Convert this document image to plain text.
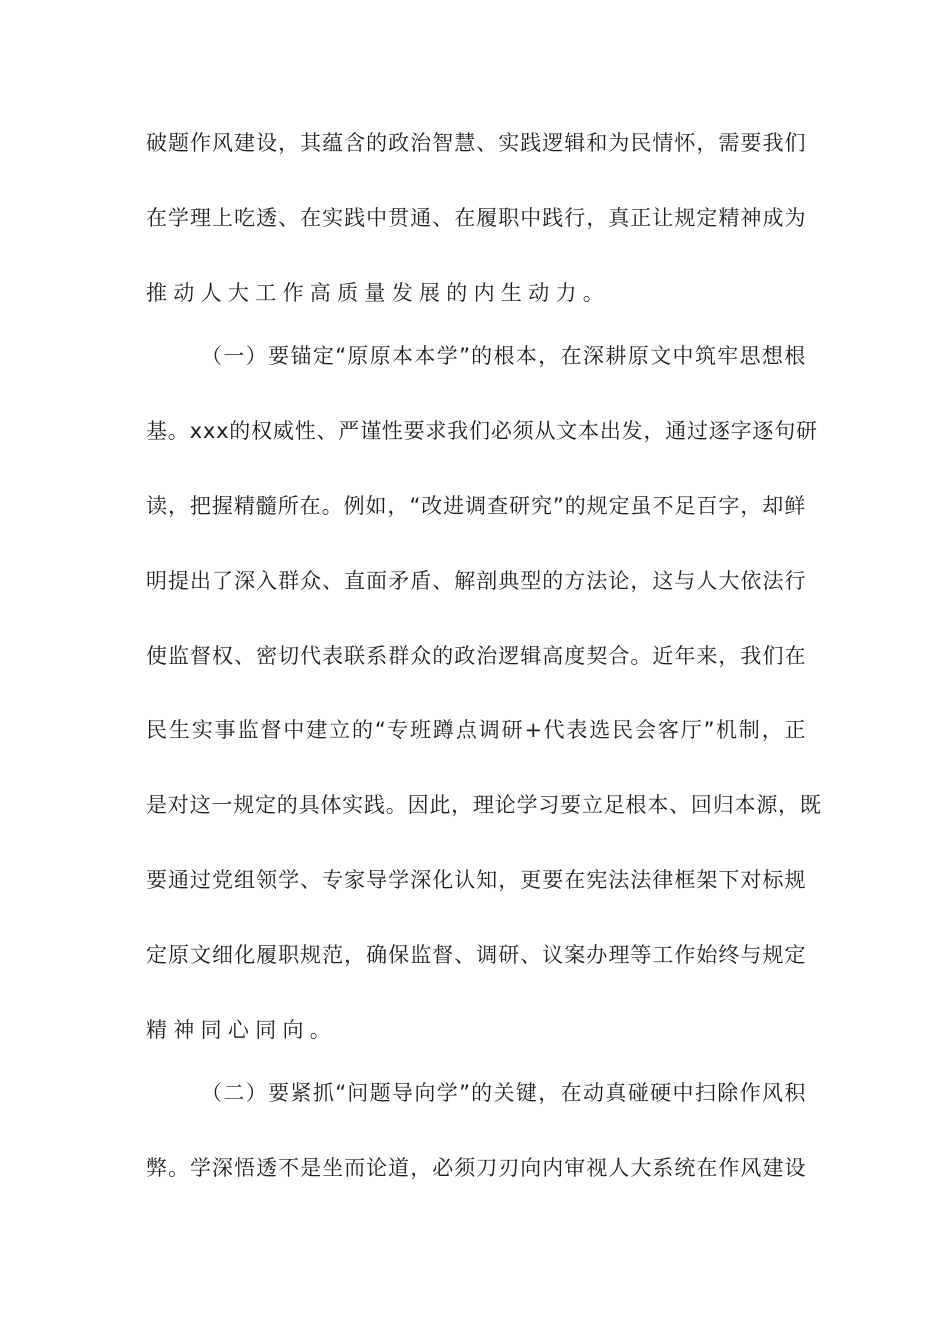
破 题 作 风 建 设 ， 其 蕴 含 的 政 治 智 慧 、 实 践 逻 辑 和 为 民 情 怀 ， 需 要 我 们
在 学 理 上 吃 透 、 在 实 践 中 贯 通 、 在 履 职 中 践 行 ， 真 正 让 规 定 精 神 成 为
推动人大工作高质量发展的内生动力。

（ 一 ） 要 锚 定 “ 原 原 本 本 学 ” 的 根 本 ， 在 深 耕 原 文 中 筑 牢 思 想 根
基 。 x x x 的 权 威 性 、 严 谨 性 要 求 我 们 必 须 从 文 本 出 发 ， 通 过 逐 字 逐 句 研
读 ， 把 握 精 髓 所 在 。 例 如 ， “ 改 进 调 查 研 究 ” 的 规 定 虽 不 足 百 字 ， 却 鲜
明 提 出 了 深 入 群 众 、 直 面 矛 盾 、 解 剖 典 型 的 方 法 论 ， 这 与 人 大 依 法 行
使 监 督 权 、 密 切 代 表 联 系 群 众 的 政 治 逻 辑 高 度 契 合 。 近 年 来 ， 我 们 在
民 生 实 事 监 督 中 建 立 的 “ 专 班 蹲 点 调 研 + 代 表 选 民 会 客 厅 ” 机 制 ， 正
是 对 这 一 规 定 的 具 体 实 践 。 因 此 ， 理 论 学 习 要 立 足 根 本 、 回 归 本 源 ， 既
要 通 过 党 组 领 学 、 专 家 导 学 深 化 认 知 ， 更 要 在 宪 法 法 律 框 架 下 对 标 规
定 原 文 细 化 履 职 规 范 ， 确 保 监 督 、 调 研 、 议 案 办 理 等 工 作 始 终 与 规 定
精神同心同向。

（ 二 ） 要 紧 抓 “ 问 题 导 向 学 ” 的 关 键 ， 在 动 真 碰 硬 中 扫 除 作 风 积
弊 。 学 深 悟 透 不 是 坐 而 论 道 ， 必 须 刀 刃 向 内 审 视 人 大 系 统 在 作 风 建 设
